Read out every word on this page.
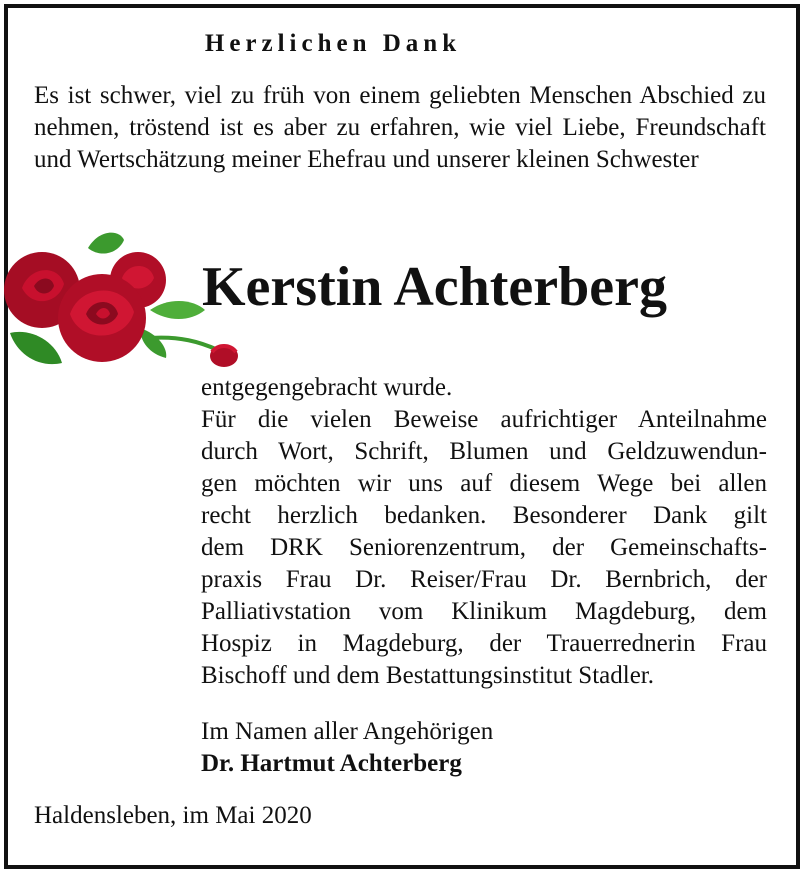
Herzlichen Dank
Es ist schwer, viel zu früh von einem geliebten Menschen Abschied zu nehmen, tröstend ist es aber zu erfahren, wie viel Liebe, Freundschaft und Wertschätzung meiner Ehefrau und unserer kleinen Schwester
Kerstin Achterberg
entgegengebracht wurde.
Für die vielen Beweise aufrichtiger Anteilnahme
durch Wort, Schrift, Blumen und Geldzuwendun-
gen möchten wir uns auf diesem Wege bei allen
recht herzlich bedanken. Besonderer Dank gilt
dem DRK Seniorenzentrum, der Gemeinschafts-
praxis Frau Dr. Reiser/Frau Dr. Bernbrich, der
Palliativstation vom Klinikum Magdeburg, dem
Hospiz in Magdeburg, der Trauerrednerin Frau
Bischoff und dem Bestattungsinstitut Stadler.
Im Namen aller Angehörigen
Dr. Hartmut Achterberg
Haldensleben, im Mai 2020
